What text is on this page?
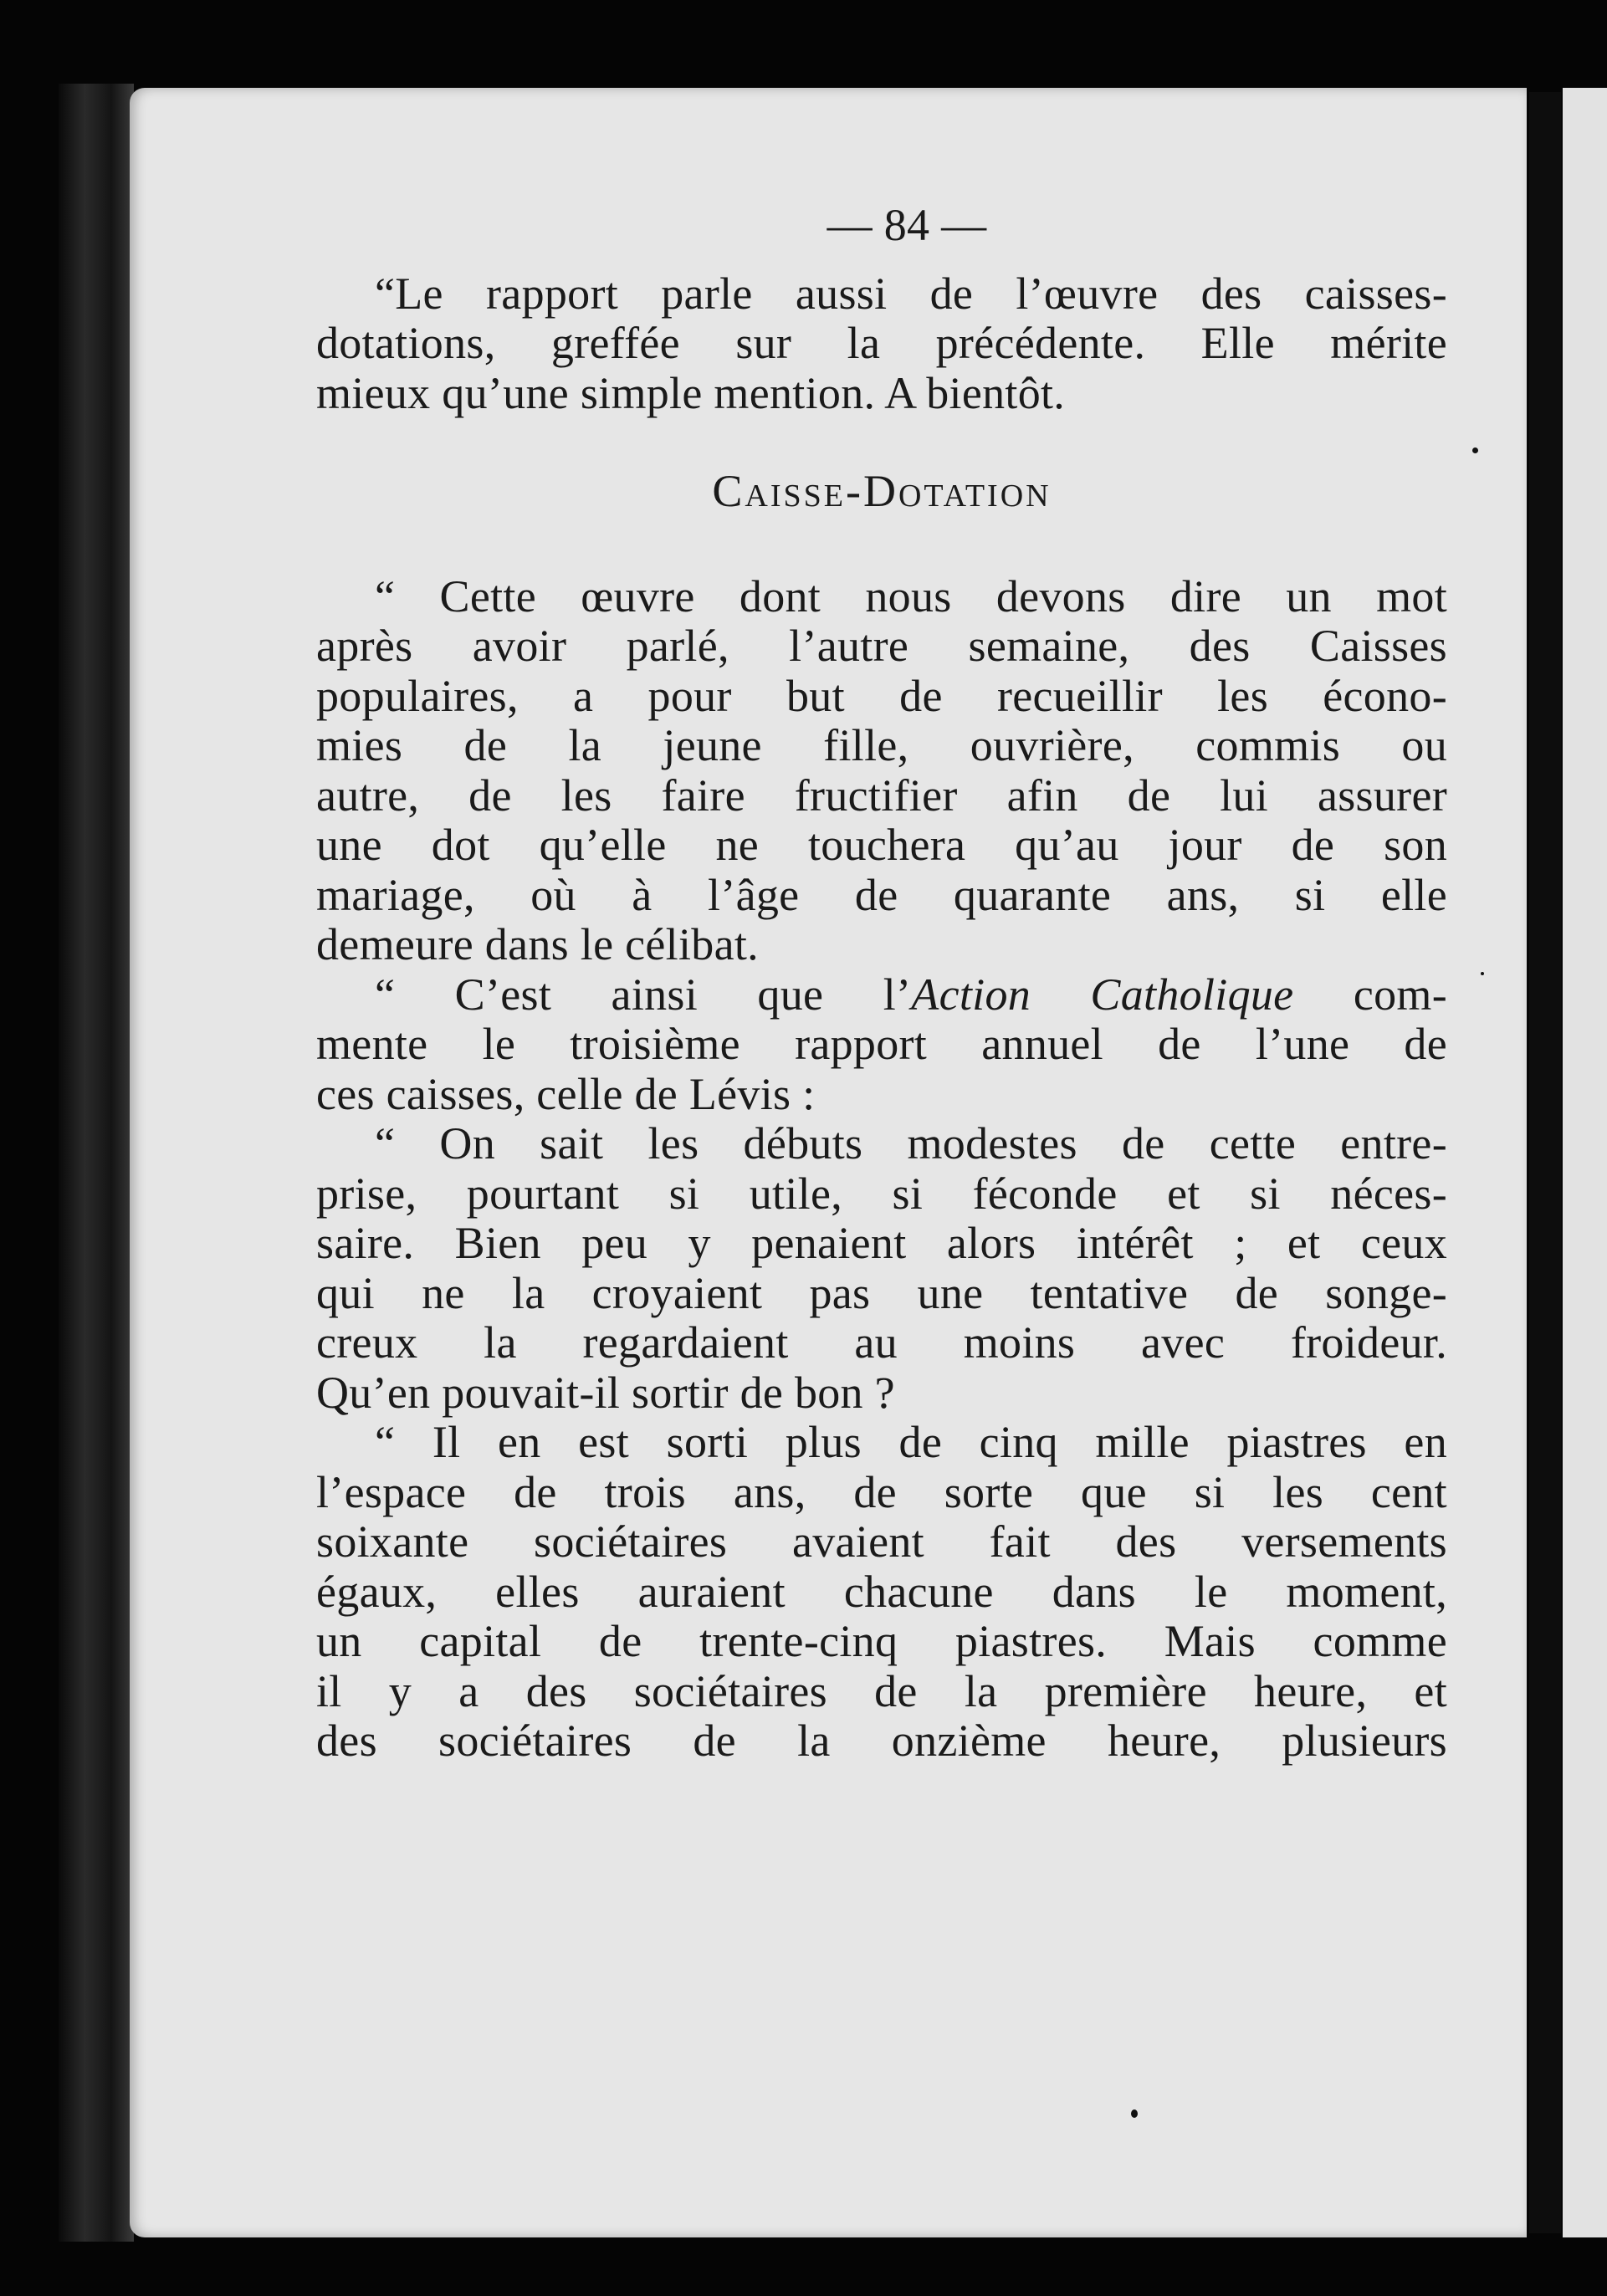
— 84 —
“Le rapport parle aussi de l’œuvre des caisses-
dotations, greffée sur la précédente. Elle mérite
mieux qu’une simple mention. A bientôt.
Caisse-Dotation
“ Cette œuvre dont nous devons dire un mot
après avoir parlé, l’autre semaine, des Caisses
populaires, a pour but de recueillir les écono-
mies de la jeune fille, ouvrière, commis ou
autre, de les faire fructifier afin de lui assurer
une dot qu’elle ne touchera qu’au jour de son
mariage, où à l’âge de quarante ans, si elle
demeure dans le célibat.
“ C’est ainsi que l’Action Catholique com-
mente le troisième rapport annuel de l’une de
ces caisses, celle de Lévis :
“ On sait les débuts modestes de cette entre-
prise, pourtant si utile, si féconde et si néces-
saire. Bien peu y penaient alors intérêt ; et ceux
qui ne la croyaient pas une tentative de songe-
creux la regardaient au moins avec froideur.
Qu’en pouvait-il sortir de bon ?
“ Il en est sorti plus de cinq mille piastres en
l’espace de trois ans, de sorte que si les cent
soixante sociétaires avaient fait des versements
égaux, elles auraient chacune dans le moment,
un capital de trente-cinq piastres. Mais comme
il y a des sociétaires de la première heure, et
des sociétaires de la onzième heure, plusieurs
